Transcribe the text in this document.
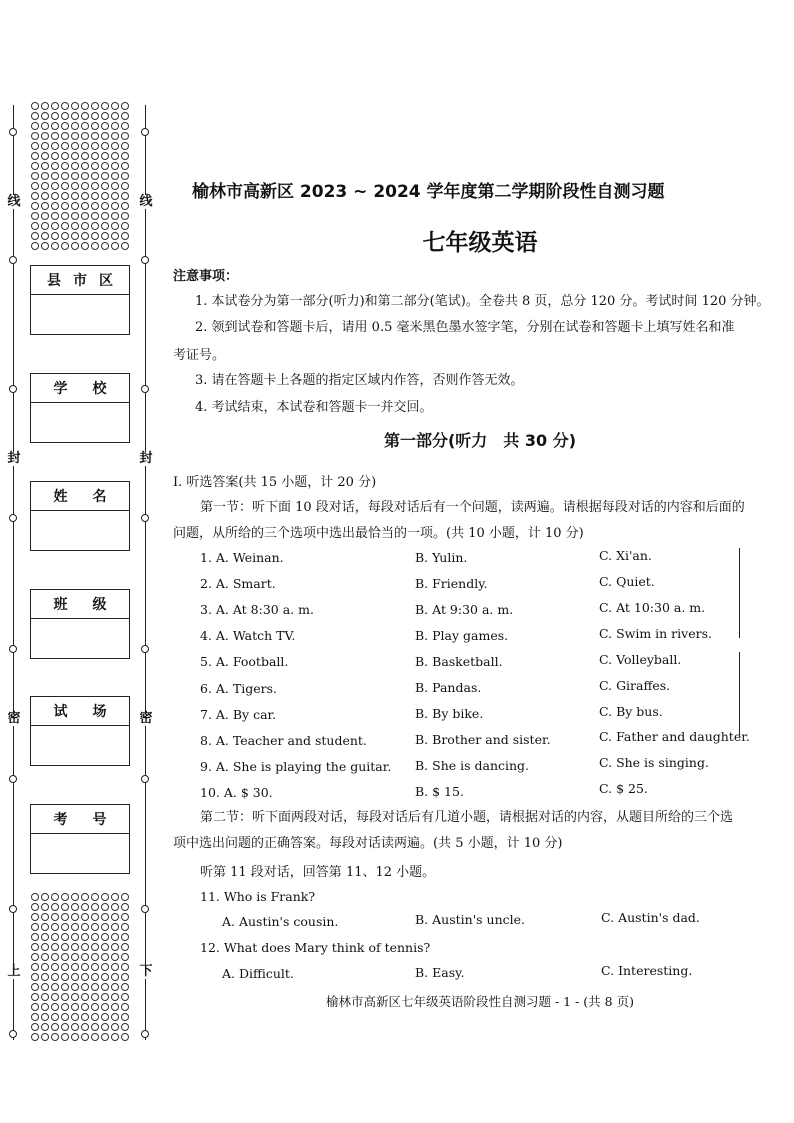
线
封
密
上
线
封
密
下
县 市 区
学 校
姓 名
班 级
试 场
考 号
榆林市高新区 2023 ~ 2024 学年度第二学期阶段性自测习题
七年级英语
注意事项：
1. 本试卷分为第一部分(听力)和第二部分(笔试)。全卷共 8 页，总分 120 分。考试时间 120 分钟。
2. 领到试卷和答题卡后，请用 0.5 毫米黑色墨水签字笔，分别在试卷和答题卡上填写姓名和准
考证号。
3. 请在答题卡上各题的指定区域内作答，否则作答无效。
4. 考试结束，本试卷和答题卡一并交回。
第一部分(听力　共 30 分)
Ⅰ. 听选答案(共 15 小题，计 20 分)
第一节：听下面 10 段对话，每段对话后有一个问题，读两遍。请根据每段对话的内容和后面的
问题，从所给的三个选项中选出最恰当的一项。(共 10 小题，计 10 分)
1. A. Weinan.	B. Yulin.	C. Xi'an.
2. A. Smart.	B. Friendly.	C. Quiet.
3. A. At 8:30 a. m.	B. At 9:30 a. m.	C. At 10:30 a. m.
4. A. Watch TV.	B. Play games.	C. Swim in rivers.
5. A. Football.	B. Basketball.	C. Volleyball.
6. A. Tigers.	B. Pandas.	C. Giraffes.
7. A. By car.	B. By bike.	C. By bus.
8. A. Teacher and student.	B. Brother and sister.	C. Father and daughter.
9. A. She is playing the guitar. B. She is dancing.	C. She is singing.
10. A. $ 30.	B. $ 15.	C. $ 25.
第二节：听下面两段对话，每段对话后有几道小题，请根据对话的内容，从题目所给的三个选
项中选出问题的正确答案。每段对话读两遍。(共 5 小题，计 10 分)
听第 11 段对话，回答第 11、12 小题。
11. Who is Frank?
A. Austin's cousin.	B. Austin's uncle.	C. Austin's dad.
12. What does Mary think of tennis?
A. Difficult.	B. Easy.	C. Interesting.
榆林市高新区七年级英语阶段性自测习题 - 1 - (共 8 页)
